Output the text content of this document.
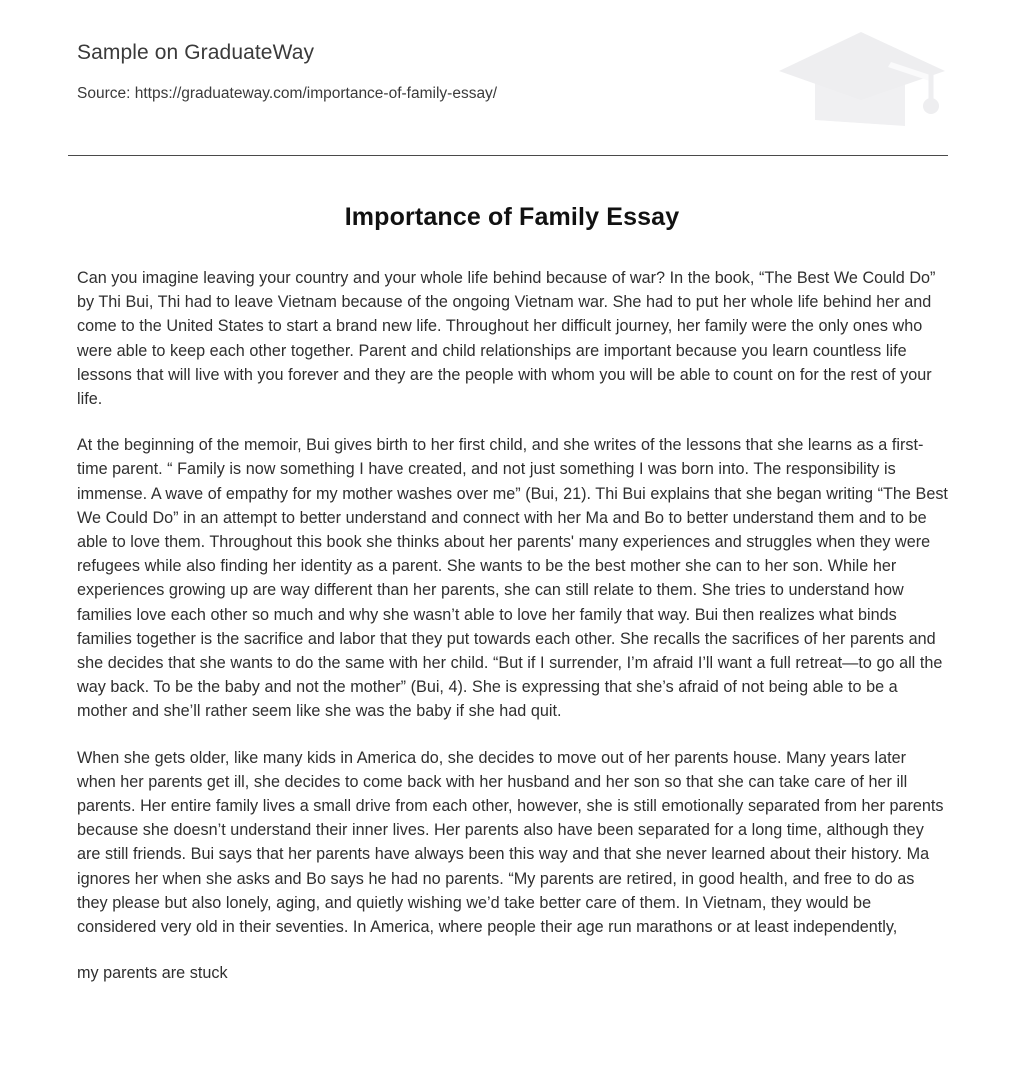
Sample on GraduateWay
Source: https://graduateway.com/importance-of-family-essay/
Importance of Family Essay

Can you imagine leaving your country and your whole life behind because of war? In the book, “The Best We Could Do” by Thi Bui, Thi had to leave Vietnam because of the ongoing Vietnam war. She had to put her whole life behind her and come to the United States to start a brand new life. Throughout her difficult journey, her family were the only ones who were able to keep each other together. Parent and child relationships are important because you learn countless life lessons that will live with you forever and they are the people with whom you will be able to count on for the rest of your life.

At the beginning of the memoir, Bui gives birth to her first child, and she writes of the lessons that she learns as a first-time parent. “ Family is now something I have created, and not just something I was born into. The responsibility is immense. A wave of empathy for my mother washes over me” (Bui, 21). Thi Bui explains that she began writing “The Best We Could Do” in an attempt to better understand and connect with her Ma and Bo to better understand them and to be able to love them. Throughout this book she thinks about her parents' many experiences and struggles when they were refugees while also finding her identity as a parent. She wants to be the best mother she can to her son. While her experiences growing up are way different than her parents, she can still relate to them. She tries to understand how families love each other so much and why she wasn’t able to love her family that way. Bui then realizes what binds families together is the sacrifice and labor that they put towards each other. She recalls the sacrifices of her parents and she decides that she wants to do the same with her child. “But if I surrender, I’m afraid I’ll want a full retreat—to go all the way back. To be the baby and not the mother” (Bui, 4). She is expressing that she’s afraid of not being able to be a mother and she’ll rather seem like she was the baby if she had quit.

When she gets older, like many kids in America do, she decides to move out of her parents house. Many years later when her parents get ill, she decides to come back with her husband and her son so that she can take care of her ill parents. Her entire family lives a small drive from each other, however, she is still emotionally separated from her parents because she doesn’t understand their inner lives. Her parents also have been separated for a long time, although they are still friends. Bui says that her parents have always been this way and that she never learned about their history. Ma ignores her when she asks and Bo says he had no parents. “My parents are retired, in good health, and free to do as they please but also lonely, aging, and quietly wishing we’d take better care of them. In Vietnam, they would be considered very old in their seventies. In America, where people their age run marathons or at least independently,

my parents are stuck
